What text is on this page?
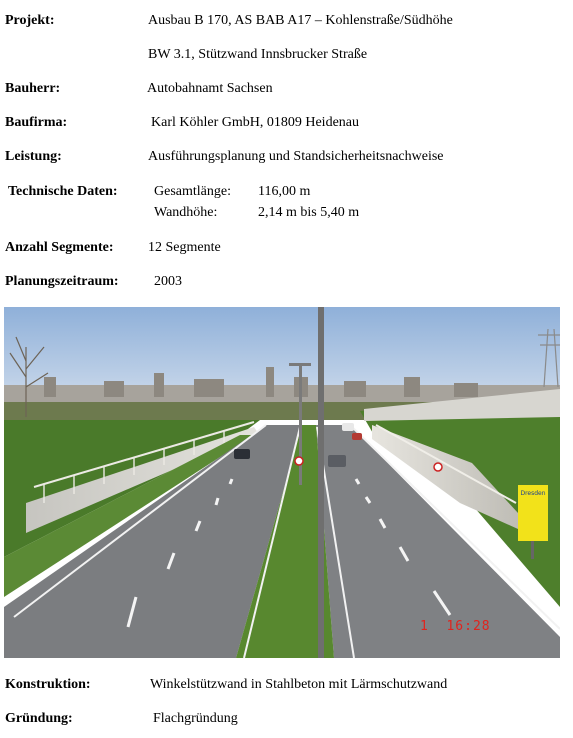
Projekt:	Ausbau B 170, AS BAB A17 – Kohlenstraße/Südhöhe
BW 3.1, Stützwand Innsbrucker Straße
Bauherr:	Autobahnamt Sachsen
Baufirma:	Karl Köhler GmbH, 01809 Heidenau
Leistung:	Ausführungsplanung und Standsicherheitsnachweise
Technische Daten:	Gesamtlänge: 116,00 m
Wandhöhe:	2,14 m bis 5,40 m
Anzahl Segmente: 12 Segmente
Planungszeitraum:	2003
Dresden
1  16:28
Konstruktion:	Winkelstützwand in Stahlbeton mit Lärmschutzwand
Gründung:	Flachgründung
